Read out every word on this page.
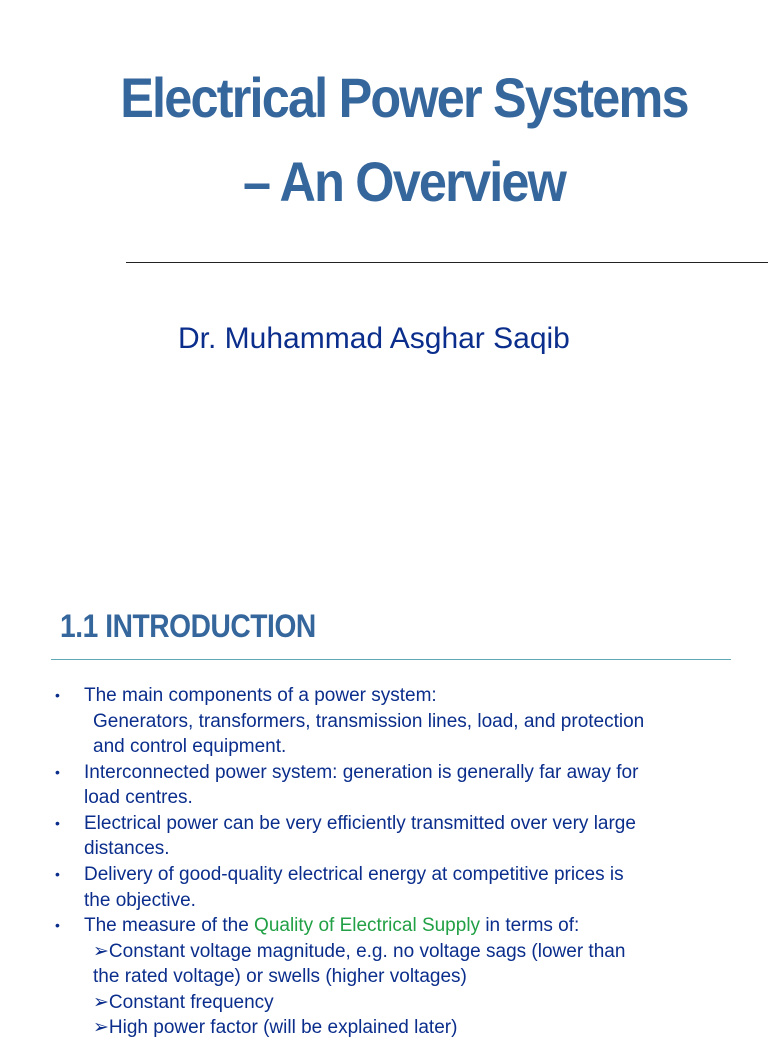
Electrical Power Systems
– An Overview

Dr. Muhammad Asghar Saqib

1.1 INTRODUCTION
• The main components of a power system:
Generators, transformers, transmission lines, load, and protection
and control equipment.
• Interconnected power system: generation is generally far away for
load centres.
• Electrical power can be very efficiently transmitted over very large
distances.
• Delivery of good-quality electrical energy at competitive prices is
the objective.
• The measure of the Quality of Electrical Supply in terms of:
➢Constant voltage magnitude, e.g. no voltage sags (lower than
the rated voltage) or swells (higher voltages)
➢Constant frequency
➢High power factor (will be explained later)
